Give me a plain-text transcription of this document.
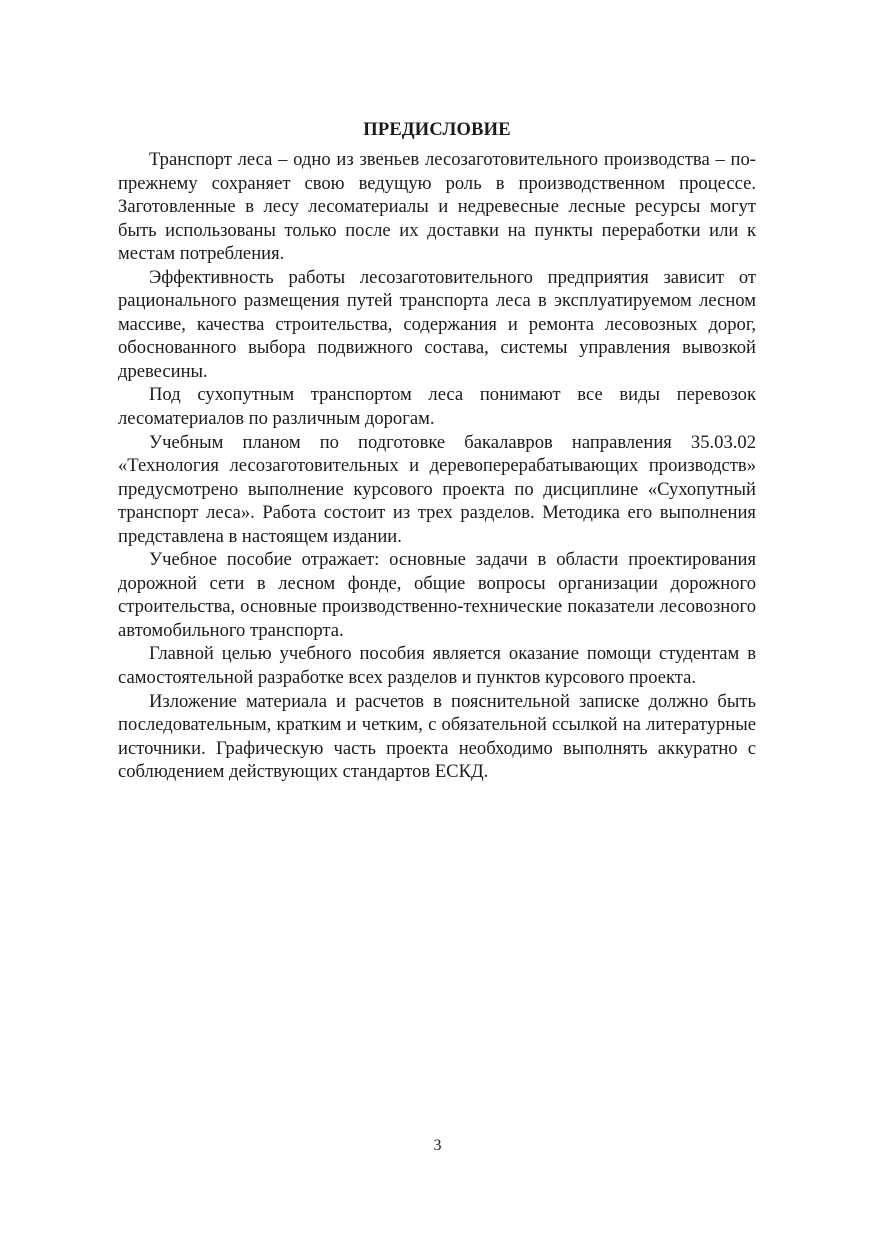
ПРЕДИСЛОВИЕ

Транспорт леса – одно из звеньев лесозаготовительного производства – по-прежнему сохраняет свою ведущую роль в производственном процессе. Заготовленные в лесу лесоматериалы и недревесные лесные ресурсы могут быть использованы только после их доставки на пункты переработки или к местам потребления.

Эффективность работы лесозаготовительного предприятия зависит от рационального размещения путей транспорта леса в эксплуатируемом лесном массиве, качества строительства, содержания и ремонта лесовозных дорог, обоснованного выбора подвижного состава, системы управления вывозкой древесины.

Под сухопутным транспортом леса понимают все виды перевозок лесоматериалов по различным дорогам.

Учебным планом по подготовке бакалавров направления 35.03.02 «Технология лесозаготовительных и деревоперерабатывающих производств» предусмотрено выполнение курсового проекта по дисциплине «Сухопутный транспорт леса». Работа состоит из трех разделов. Методика его выполнения представлена в настоящем издании.

Учебное пособие отражает: основные задачи в области проектирования дорожной сети в лесном фонде, общие вопросы организации дорожного строительства, основные производственно-технические показатели лесовозного автомобильного транспорта.

Главной целью учебного пособия является оказание помощи студентам в самостоятельной разработке всех разделов и пунктов курсового проекта.

Изложение материала и расчетов в пояснительной записке должно быть последовательным, кратким и четким, с обязательной ссылкой на литературные источники. Графическую часть проекта необходимо выполнять аккуратно с соблюдением действующих стандартов ЕСКД.

3
